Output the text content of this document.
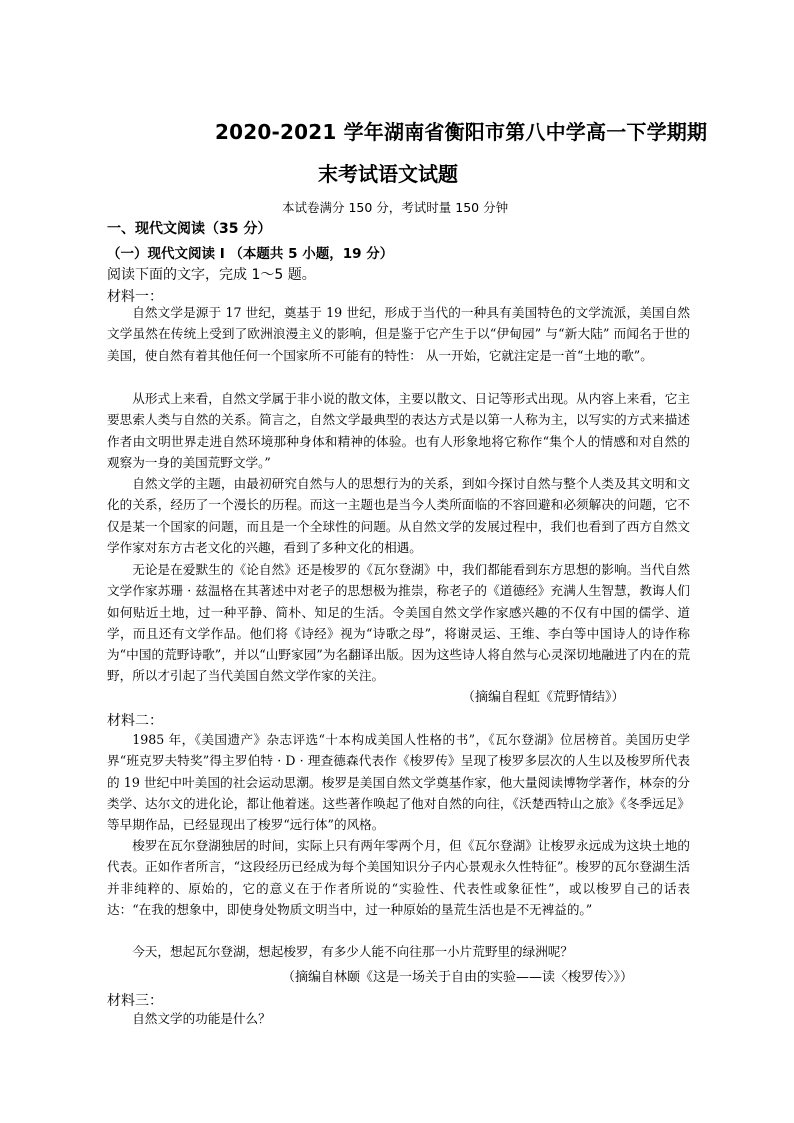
2020-2021 学年湖南省衡阳市第八中学高一下学期期
末考试语文试题
本试卷满分 150 分，考试时量 150 分钟
一、现代文阅读（35 分）
（一）现代文阅读 I （本题共 5 小题，19 分）
阅读下面的文字，完成 1～5 题。
材料一：

自然文学是源于 17 世纪，奠基于 19 世纪，形成于当代的一种具有美国特色的文学流派，美国自然文学虽然在传统上受到了欧洲浪漫主义的影响，但是鉴于它产生于以“伊甸园” 与“新大陆” 而闻名于世的美国，使自然有着其他任何一个国家所不可能有的特性： 从一开始，它就注定是一首“土地的歌”。

从形式上来看，自然文学属于非小说的散文体，主要以散文、日记等形式出现。从内容上来看，它主要思索人类与自然的关系。简言之，自然文学最典型的表达方式是以第一人称为主，以写实的方式来描述作者由文明世界走进自然环境那种身体和精神的体验。也有人形象地将它称作“集个人的情感和对自然的观察为一身的美国荒野文学。”

自然文学的主题，由最初研究自然与人的思想行为的关系，到如今探讨自然与整个人类及其文明和文化的关系，经历了一个漫长的历程。而这一主题也是当今人类所面临的不容回避和必须解决的问题，它不仅是某一个国家的问题，而且是一个全球性的问题。从自然文学的发展过程中，我们也看到了西方自然文学作家对东方古老文化的兴趣，看到了多种文化的相遇。

无论是在爱默生的《论自然》还是梭罗的《瓦尔登湖》中，我们都能看到东方思想的影响。当代自然文学作家苏珊 · 兹温格在其著述中对老子的思想极为推崇，称老子的《道德经》充满人生智慧，教诲人们如何贴近土地，过一种平静、简朴、知足的生活。令美国自然文学作家感兴趣的不仅有中国的儒学、道学，而且还有文学作品。他们将《诗经》视为“诗歌之母”，将谢灵运、王维、李白等中国诗人的诗作称为“中国的荒野诗歌”，并以“山野家园”为名翻译出版。因为这些诗人将自然与心灵深切地融进了内在的荒野，所以才引起了当代美国自然文学作家的关注。

（摘编自程虹《荒野情结》）
材料二：

1985 年，《美国遗产》杂志评选“十本构成美国人性格的书”，《瓦尔登湖》位居榜首。美国历史学界“班克罗夫特奖”得主罗伯特 · D · 理查德森代表作《梭罗传》呈现了梭罗多层次的人生以及梭罗所代表的 19 世纪中叶美国的社会运动思潮。梭罗是美国自然文学奠基作家，他大量阅读博物学著作，林奈的分类学、达尔文的进化论，都让他着迷。这些著作唤起了他对自然的向往，《沃楚西特山之旅》《冬季远足》等早期作品，已经显现出了梭罗“远行体”的风格。

梭罗在瓦尔登湖独居的时间，实际上只有两年零两个月，但《瓦尔登湖》让梭罗永远成为这块土地的代表。正如作者所言，“这段经历已经成为每个美国知识分子内心景观永久性特征”。梭罗的瓦尔登湖生活并非纯粹的、原始的，它的意义在于作者所说的“实验性、代表性或象征性”，或以梭罗自己的话表达：“在我的想象中，即使身处物质文明当中，过一种原始的垦荒生活也是不无裨益的。”

今天，想起瓦尔登湖，想起梭罗，有多少人能不向往那一小片荒野里的绿洲呢？

（摘编自林颐《这是一场关于自由的实验——读〈梭罗传〉》）
材料三：

自然文学的功能是什么？
